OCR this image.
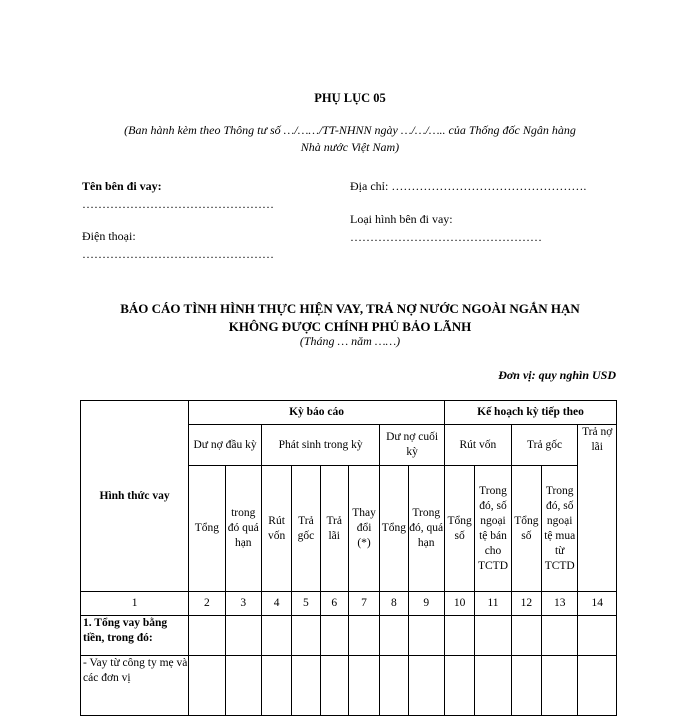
PHỤ LỤC 05
(Ban hành kèm theo Thông tư số …/……/TT-NHNN ngày …/…/….. của Thống đốc Ngân hàng
Nhà nước Việt Nam)
Tên bên đi vay:
…………………………………………
Điện thoại:
…………………………………………
Địa chỉ: ………………………………………….
Loại hình bên đi vay:
…………………………………………
BÁO CÁO TÌNH HÌNH THỰC HIỆN VAY, TRẢ NỢ NƯỚC NGOÀI NGẮN HẠN
KHÔNG ĐƯỢC CHÍNH PHỦ BẢO LÃNH
(Tháng … năm ……)
Đơn vị: quy nghìn USD
Hình thức vay	Kỳ báo cáo								Kế hoạch kỳ tiếp theo				
	Dư nợ đầu kỳ		Phát sinh trong kỳ				Dư nợ cuối kỳ		Rút vốn		Trả gốc		Trả nợ lãi
	Tổng	trong đó quá hạn	Rút vốn	Trả gốc	Trả lãi	Thay đổi (*)	Tổng	Trong đó, quá hạn	Tổng số	Trong đó, số ngoại tệ bán cho TCTD	Tổng số	Trong đó, số ngoại tệ mua từ TCTD	
1	2	3	4	5	6	7	8	9	10	11	12	13	14
1. Tổng vay bằng tiền, trong đó:													
- Vay từ công ty mẹ và các đơn vị													
